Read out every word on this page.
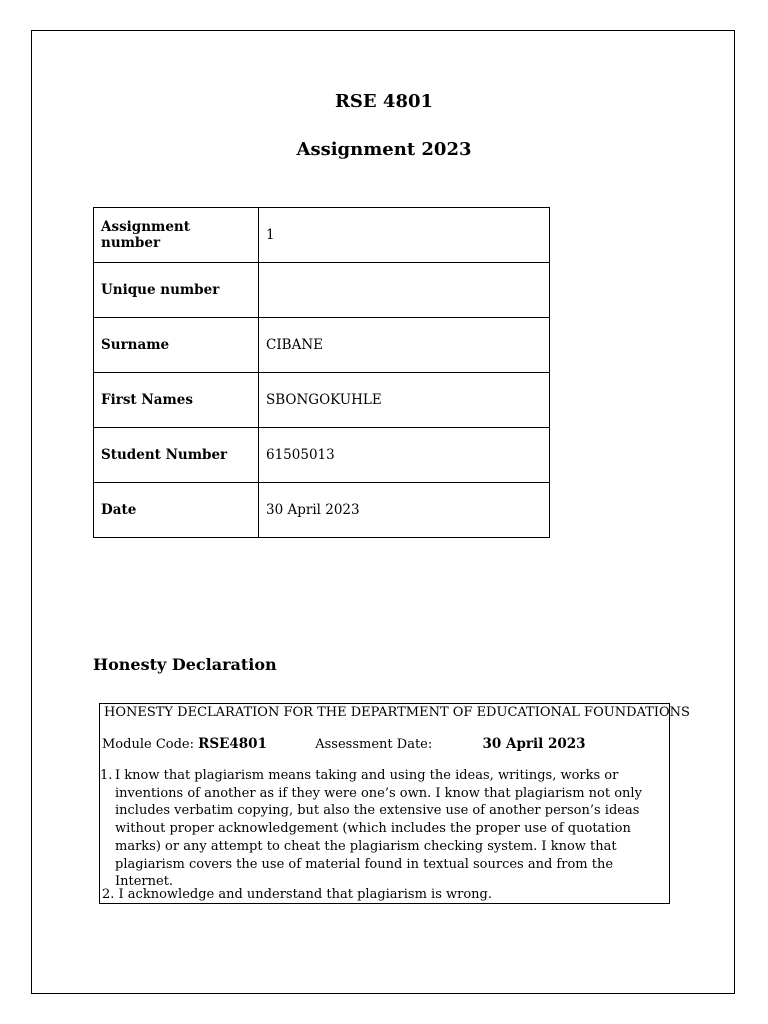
RSE 4801
Assignment 2023
Assignment number	1
Unique number	
Surname	CIBANE
First Names	SBONGOKUHLE
Student Number	61505013
Date	30 April 2023
Honesty Declaration
HONESTY DECLARATION FOR THE DEPARTMENT OF EDUCATIONAL FOUNDATIONS
Module Code: RSE4801	Assessment Date:	30 April 2023
1. I know that plagiarism means taking and using the ideas, writings, works or inventions of another as if they were one’s own. I know that plagiarism not only includes verbatim copying, but also the extensive use of another person’s ideas without proper acknowledgement (which includes the proper use of quotation marks) or any attempt to cheat the plagiarism checking system. I know that plagiarism covers the use of material found in textual sources and from the Internet.
2. I acknowledge and understand that plagiarism is wrong.
